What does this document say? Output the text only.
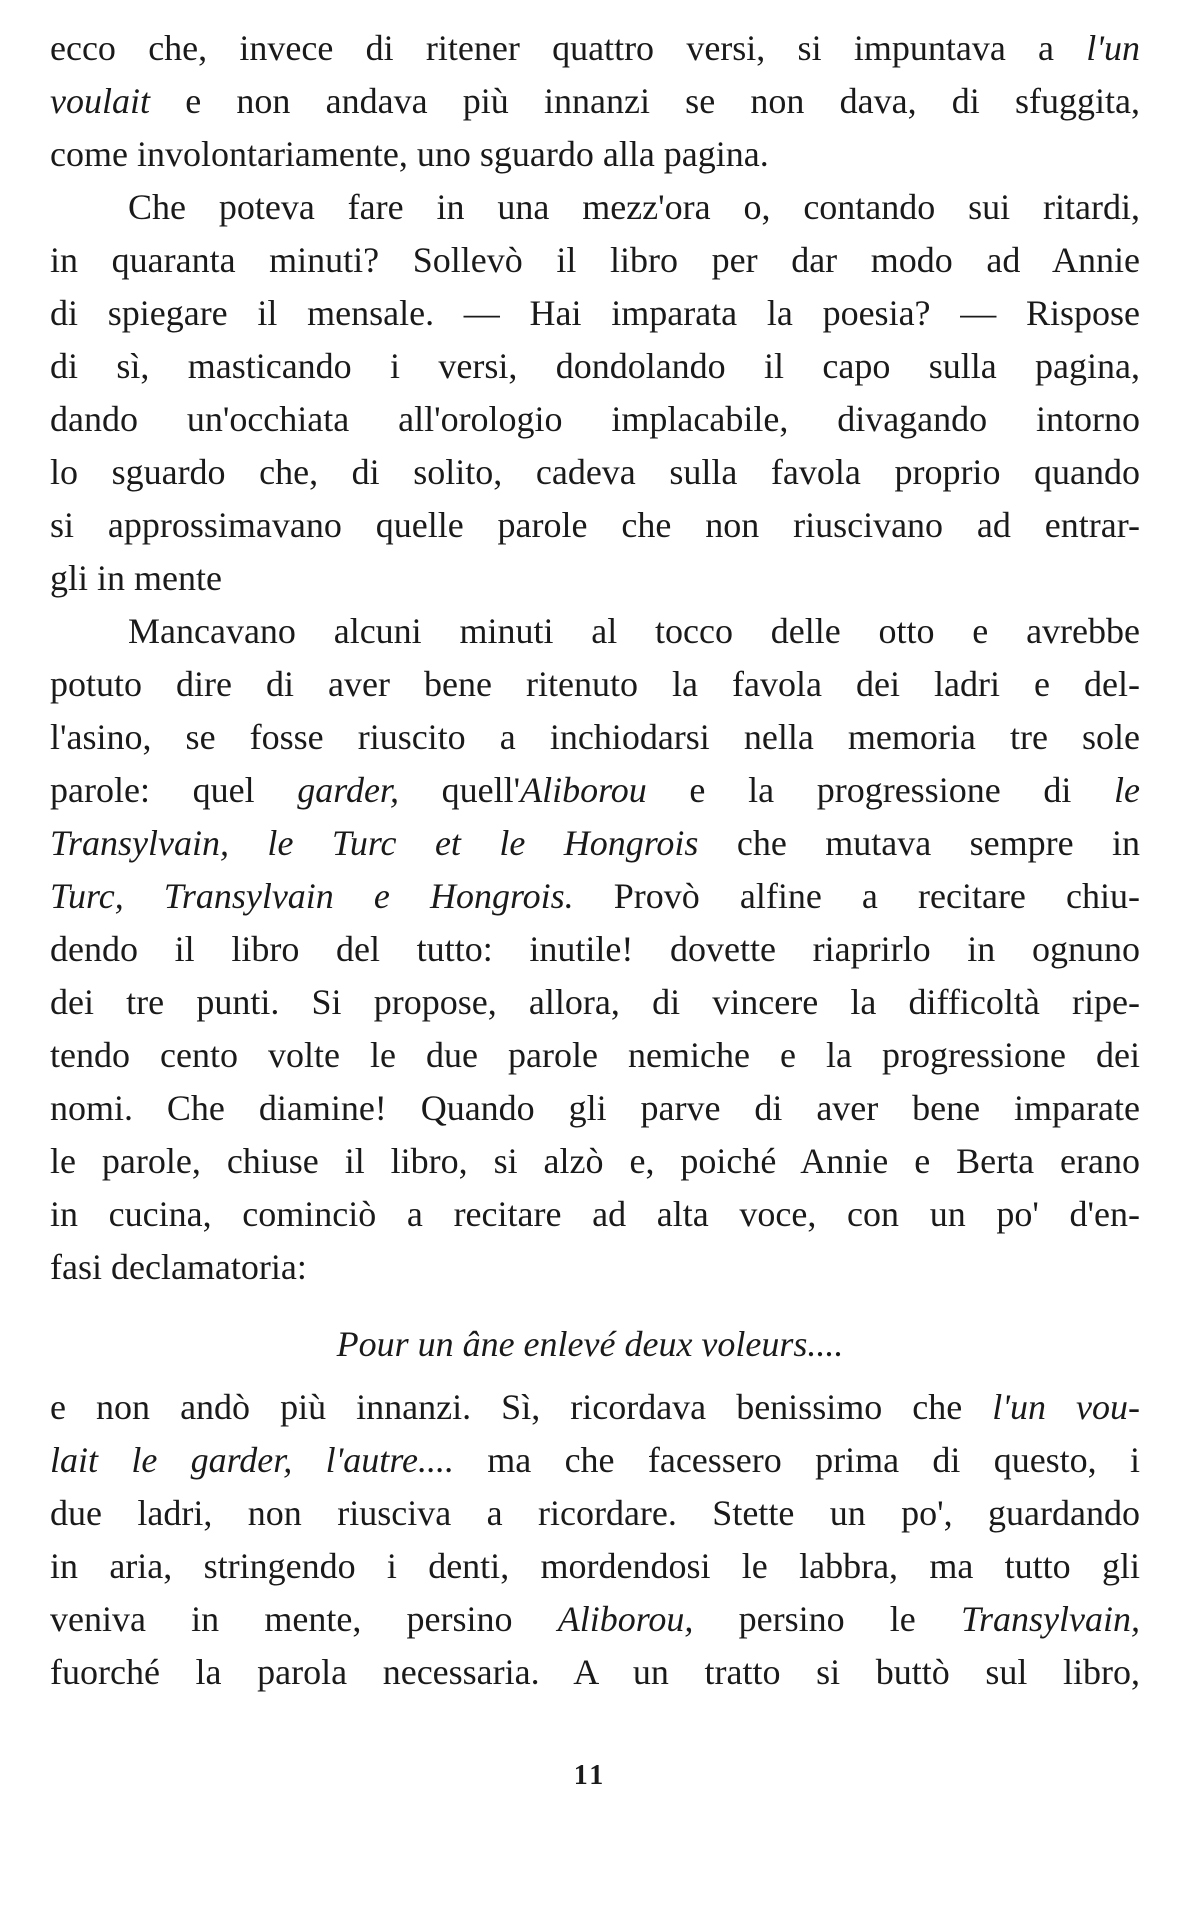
ecco che, invece di ritener quattro versi, si impuntava a l'un
voulait e non andava più innanzi se non dava, di sfuggita,
come involontariamente, uno sguardo alla pagina.
Che poteva fare in una mezz'ora o, contando sui ritardi,
in quaranta minuti? Sollevò il libro per dar modo ad Annie
di spiegare il mensale. — Hai imparata la poesia? — Rispose
di sì, masticando i versi, dondolando il capo sulla pagina,
dando un'occhiata all'orologio implacabile, divagando intorno
lo sguardo che, di solito, cadeva sulla favola proprio quando
si approssimavano quelle parole che non riuscivano ad entrar-
gli in mente
Mancavano alcuni minuti al tocco delle otto e avrebbe
potuto dire di aver bene ritenuto la favola dei ladri e del-
l'asino, se fosse riuscito a inchiodarsi nella memoria tre sole
parole: quel garder, quell'Aliborou e la progressione di le
Transylvain, le Turc et le Hongrois che mutava sempre in
Turc, Transylvain e Hongrois. Provò alfine a recitare chiu-
dendo il libro del tutto: inutile! dovette riaprirlo in ognuno
dei tre punti. Si propose, allora, di vincere la difficoltà ripe-
tendo cento volte le due parole nemiche e la progressione dei
nomi. Che diamine! Quando gli parve di aver bene imparate
le parole, chiuse il libro, si alzò e, poiché Annie e Berta erano
in cucina, cominciò a recitare ad alta voce, con un po' d'en-
fasi declamatoria:
Pour un âne enlevé deux voleurs....
e non andò più innanzi. Sì, ricordava benissimo che l'un vou-
lait le garder, l'autre.... ma che facessero prima di questo, i
due ladri, non riusciva a ricordare. Stette un po', guardando
in aria, stringendo i denti, mordendosi le labbra, ma tutto gli
veniva in mente, persino Aliborou, persino le Transylvain,
fuorché la parola necessaria. A un tratto si buttò sul libro,
11
